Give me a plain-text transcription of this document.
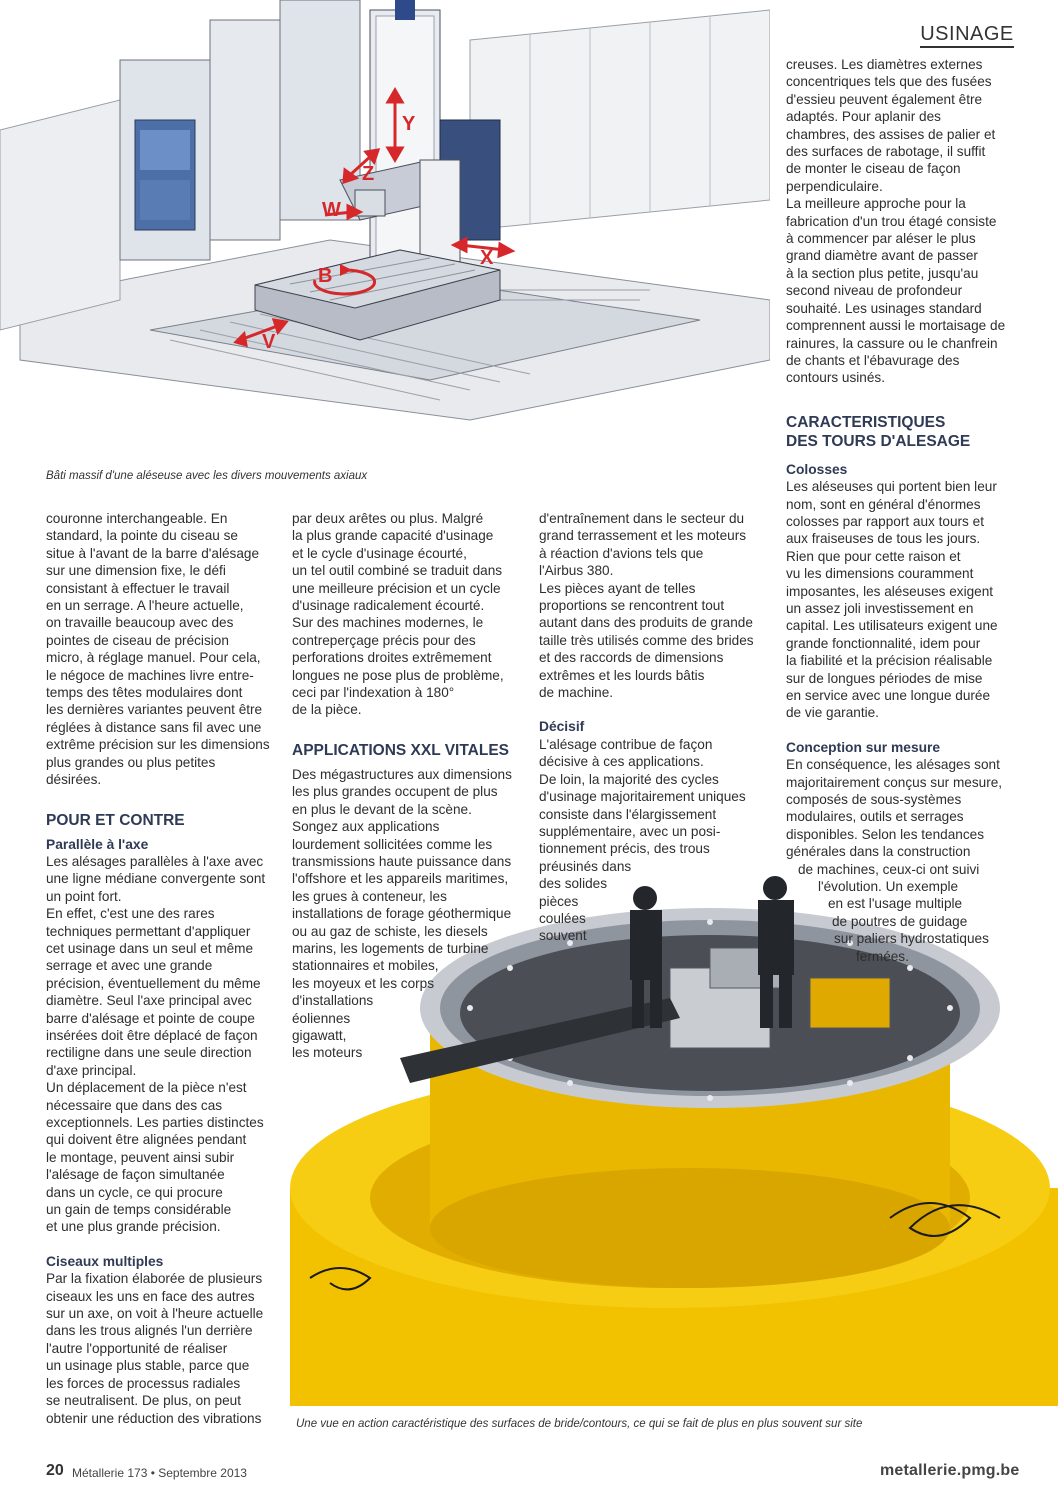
USINAGE
Y
Z
W
X
B
V
Bâti massif d'une aléseuse avec les divers mouvements axiaux

couronne interchangeable. En

standard, la pointe du ciseau se

situe à l'avant de la barre d'alésage

sur une dimension fixe, le défi

consistant à effectuer le travail

en un serrage. A l'heure actuelle,

on travaille beaucoup avec des

pointes de ciseau de précision

micro, à réglage manuel. Pour cela,

le négoce de machines livre entre-

temps des têtes modulaires dont

les dernières variantes peuvent être

réglées à distance sans fil avec une

extrême précision sur les dimensions

plus grandes ou plus petites

désirées.

POUR ET CONTRE
Parallèle à l'axe

Les alésages parallèles à l'axe avec

une ligne médiane convergente sont

un point fort.

En effet, c'est une des rares

techniques permettant d'appliquer

cet usinage dans un seul et même

serrage et avec une grande

précision, éventuellement du même

diamètre. Seul l'axe principal avec

barre d'alésage et pointe de coupe

insérées doit être déplacé de façon

rectiligne dans une seule direction

d'axe principal.

Un déplacement de la pièce n'est

nécessaire que dans des cas

exceptionnels. Les parties distinctes

qui doivent être alignées pendant

le montage, peuvent ainsi subir

l'alésage de façon simultanée

dans un cycle, ce qui procure

un gain de temps considérable

et une plus grande précision.

Ciseaux multiples

Par la fixation élaborée de plusieurs

ciseaux les uns en face des autres

sur un axe, on voit à l'heure actuelle

dans les trous alignés l'un derrière

l'autre l'opportunité de réaliser

un usinage plus stable, parce que

les forces de processus radiales

se neutralisent. De plus, on peut

obtenir une réduction des vibrations

par deux arêtes ou plus. Malgré

la plus grande capacité d'usinage

et le cycle d'usinage écourté,

un tel outil combiné se traduit dans

une meilleure précision et un cycle

d'usinage radicalement écourté.

Sur des machines modernes, le

contreperçage précis pour des

perforations droites extrêmement

longues ne pose plus de problème,

ceci par l'indexation à 180°

de la pièce.

APPLICATIONS XXL VITALES

Des mégastructures aux dimensions

les plus grandes occupent de plus

en plus le devant de la scène.

Songez aux applications

lourdement sollicitées comme les

transmissions haute puissance dans

l'offshore et les appareils maritimes,

les grues à conteneur, les

installations de forage géothermique

ou au gaz de schiste, les diesels

marins, les logements de turbine

stationnaires et mobiles,

les moyeux et les corps

d'installations

éoliennes

gigawatt,

les moteurs

d'entraînement dans le secteur du

grand terrassement et les moteurs

à réaction d'avions tels que

l'Airbus 380.

Les pièces ayant de telles

proportions se rencontrent tout

autant dans des produits de grande

taille très utilisés comme des brides

et des raccords de dimensions

extrêmes et les lourds bâtis

de machine.

Décisif

L'alésage contribue de façon

décisive à ces applications.

De loin, la majorité des cycles

d'usinage majoritairement uniques

consiste dans l'élargissement

supplémentaire, avec un posi-

tionnement précis, des trous

préusinés dans

des solides

pièces

coulées

souvent

creuses. Les diamètres externes

concentriques tels que des fusées

d'essieu peuvent également être

adaptés. Pour aplanir des

chambres, des assises de palier et

des surfaces de rabotage, il suffit

de monter le ciseau de façon

perpendiculaire.

La meilleure approche pour la

fabrication d'un trou étagé consiste

à commencer par aléser le plus

grand diamètre avant de passer

à la section plus petite, jusqu'au

second niveau de profondeur

souhaité. Les usinages standard

comprennent aussi le mortaisage de

rainures, la cassure ou le chanfrein

de chants et l'ébavurage des

contours usinés.

CARACTERISTIQUES
DES TOURS D'ALESAGE
Colosses

Les aléseuses qui portent bien leur

nom, sont en général d'énormes

colosses par rapport aux tours et

aux fraiseuses de tous les jours.

Rien que pour cette raison et

vu les dimensions couramment

imposantes, les aléseuses exigent

un assez joli investissement en

capital. Les utilisateurs exigent une

grande fonctionnalité, idem pour

la fiabilité et la précision réalisable

sur de longues périodes de mise

en service avec une longue durée

de vie garantie.

Conception sur mesure

En conséquence, les alésages sont

majoritairement conçus sur mesure,

composés de sous-systèmes

modulaires, outils et serrages

disponibles. Selon les tendances

générales dans la construction

de machines, ceux-ci ont suivi

l'évolution. Un exemple

en est l'usage multiple

de poutres de guidage

sur paliers hydrostatiques

fermées.

Une vue en action caractéristique des surfaces de bride/contours, ce qui se fait de plus en plus souvent sur site
20 Métallerie 173 • Septembre 2013	metallerie.pmg.be
